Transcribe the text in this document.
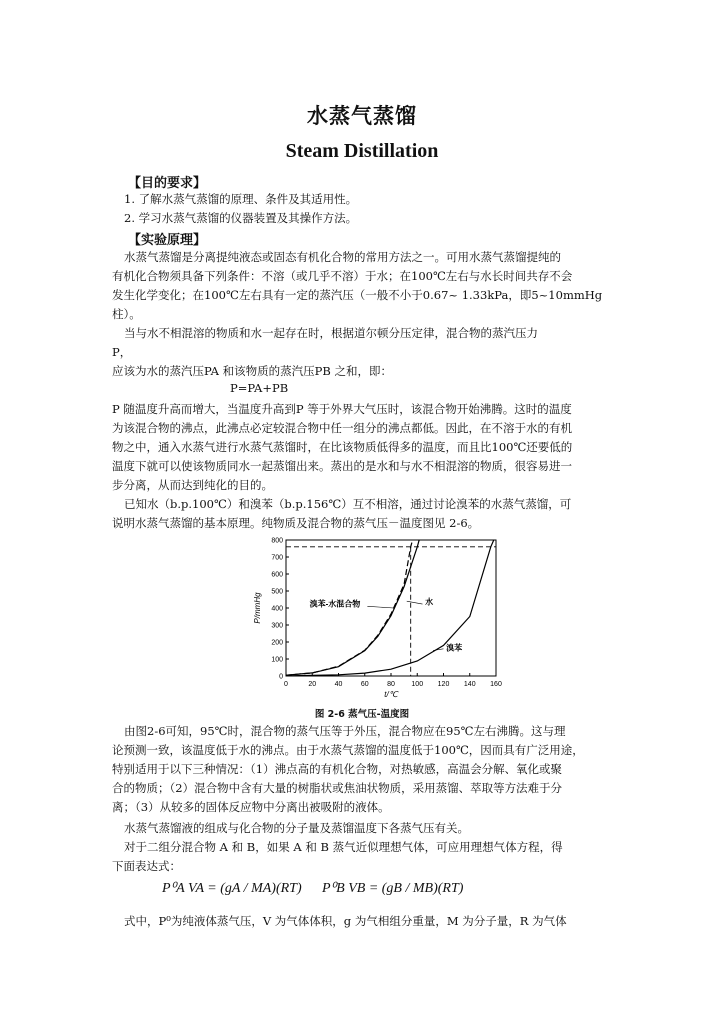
水蒸气蒸馏
Steam Distillation
【目的要求】
1. 了解水蒸气蒸馏的原理、条件及其适用性。
2. 学习水蒸气蒸馏的仪器装置及其操作方法。
【实验原理】
水蒸气蒸馏是分离提纯液态或固态有机化合物的常用方法之一。可用水蒸气蒸馏提纯的
有机化合物须具备下列条件：不溶（或几乎不溶）于水；在100℃左右与水长时间共存不会
发生化学变化；在100℃左右具有一定的蒸汽压（一般不小于0.67~ 1.33kPa，即5~10mmHg
柱）。
当与水不相混溶的物质和水一起存在时，根据道尔顿分压定律，混合物的蒸汽压力
P，
应该为水的蒸汽压PA 和该物质的蒸汽压PB 之和，即：
P=PA+PB
P 随温度升高而增大，当温度升高到P 等于外界大气压时，该混合物开始沸腾。这时的温度
为该混合物的沸点，此沸点必定较混合物中任一组分的沸点都低。因此，在不溶于水的有机
物之中，通入水蒸气进行水蒸气蒸馏时，在比该物质低得多的温度，而且比100℃还要低的
温度下就可以使该物质同水一起蒸馏出来。蒸出的是水和与水不相混溶的物质，很容易进一
步分离，从而达到纯化的目的。
已知水（b.p.100℃）和溴苯（b.p.156℃）互不相溶，通过讨论溴苯的水蒸气蒸馏，可
说明水蒸气蒸馏的基本原理。纯物质及混合物的蒸气压－温度图见 2-6。
0	20	40	60	80 100 120 140 160
0
100
200
300
400
500
600
700
800
t/℃
P/mmHg	溴苯-水混合物	水
溴苯
图 2-6 蒸气压-温度图
由图2-6可知，95℃时，混合物的蒸气压等于外压，混合物应在95℃左右沸腾。这与理
论预测一致，该温度低于水的沸点。由于水蒸气蒸馏的温度低于100℃，因而具有广泛用途，
特别适用于以下三种情况：（1）沸点高的有机化合物，对热敏感，高温会分解、氧化或聚
合的物质；（2）混合物中含有大量的树脂状或焦油状物质，采用蒸馏、萃取等方法难于分
离；（3）从较多的固体反应物中分离出被吸附的液体。
水蒸气蒸馏液的组成与化合物的分子量及蒸馏温度下各蒸气压有关。
对于二组分混合物 A 和 B，如果 A 和 B 蒸气近似理想气体，可应用理想气体方程，得
下面表达式：
P⁰A VA = (gA / MA)(RT) P⁰B VB = (gB / MB)(RT)
式中，P⁰为纯液体蒸气压，V 为气体体积，g 为气相组分重量，M 为分子量，R 为气体
